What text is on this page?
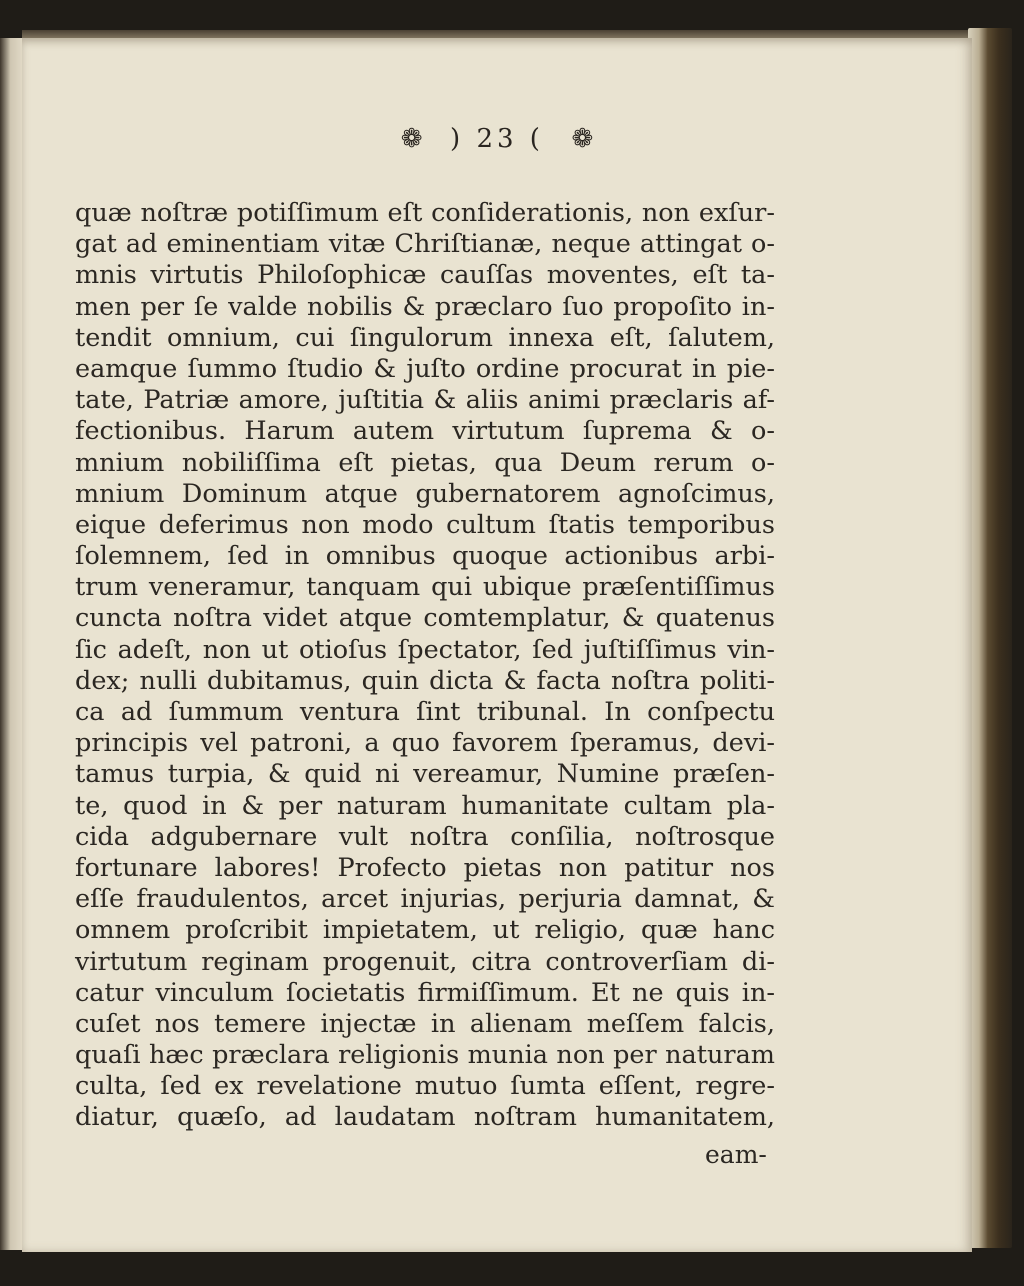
❁ ) 23 ( ❁
quæ noſtræ potiſſimum eſt conſiderationis, non exſur-
gat ad eminentiam vitæ Chriſtianæ, neque attingat o-
mnis virtutis Philoſophicæ cauſſas moventes, eſt ta-
men per ſe valde nobilis & præclaro ſuo propoſito in-
tendit omnium, cui ſingulorum innexa eſt, ſalutem,
eamque ſummo ſtudio & juſto ordine procurat in pie-
tate, Patriæ amore, juſtitia & aliis animi præclaris af-
fectionibus. Harum autem virtutum ſuprema & o-
mnium nobiliſſima eſt pietas, qua Deum rerum o-
mnium Dominum atque gubernatorem agnoſcimus,
eique deferimus non modo cultum ſtatis temporibus
ſolemnem, ſed in omnibus quoque actionibus arbi-
trum veneramur, tanquam qui ubique præſentiſſimus
cuncta noſtra videt atque comtemplatur, & quatenus
ſic adeſt, non ut otioſus ſpectator, ſed juſtiſſimus vin-
dex; nulli dubitamus, quin dicta & facta noſtra politi-
ca ad ſummum ventura ſint tribunal. In conſpectu
principis vel patroni, a quo favorem ſperamus, devi-
tamus turpia, & quid ni vereamur, Numine præſen-
te, quod in & per naturam humanitate cultam pla-
cida adgubernare vult noſtra conſilia, noſtrosque
fortunare labores! Profecto pietas non patitur nos
eſſe fraudulentos, arcet injurias, perjuria damnat, &
omnem proſcribit impietatem, ut religio, quæ hanc
virtutum reginam progenuit, citra controverſiam di-
catur vinculum ſocietatis firmiſſimum. Et ne quis in-
cuſet nos temere injectæ in alienam meſſem falcis,
quaſi hæc præclara religionis munia non per naturam
culta, ſed ex revelatione mutuo ſumta eſſent, regre-
diatur, quæſo, ad laudatam noſtram humanitatem,
eam-
